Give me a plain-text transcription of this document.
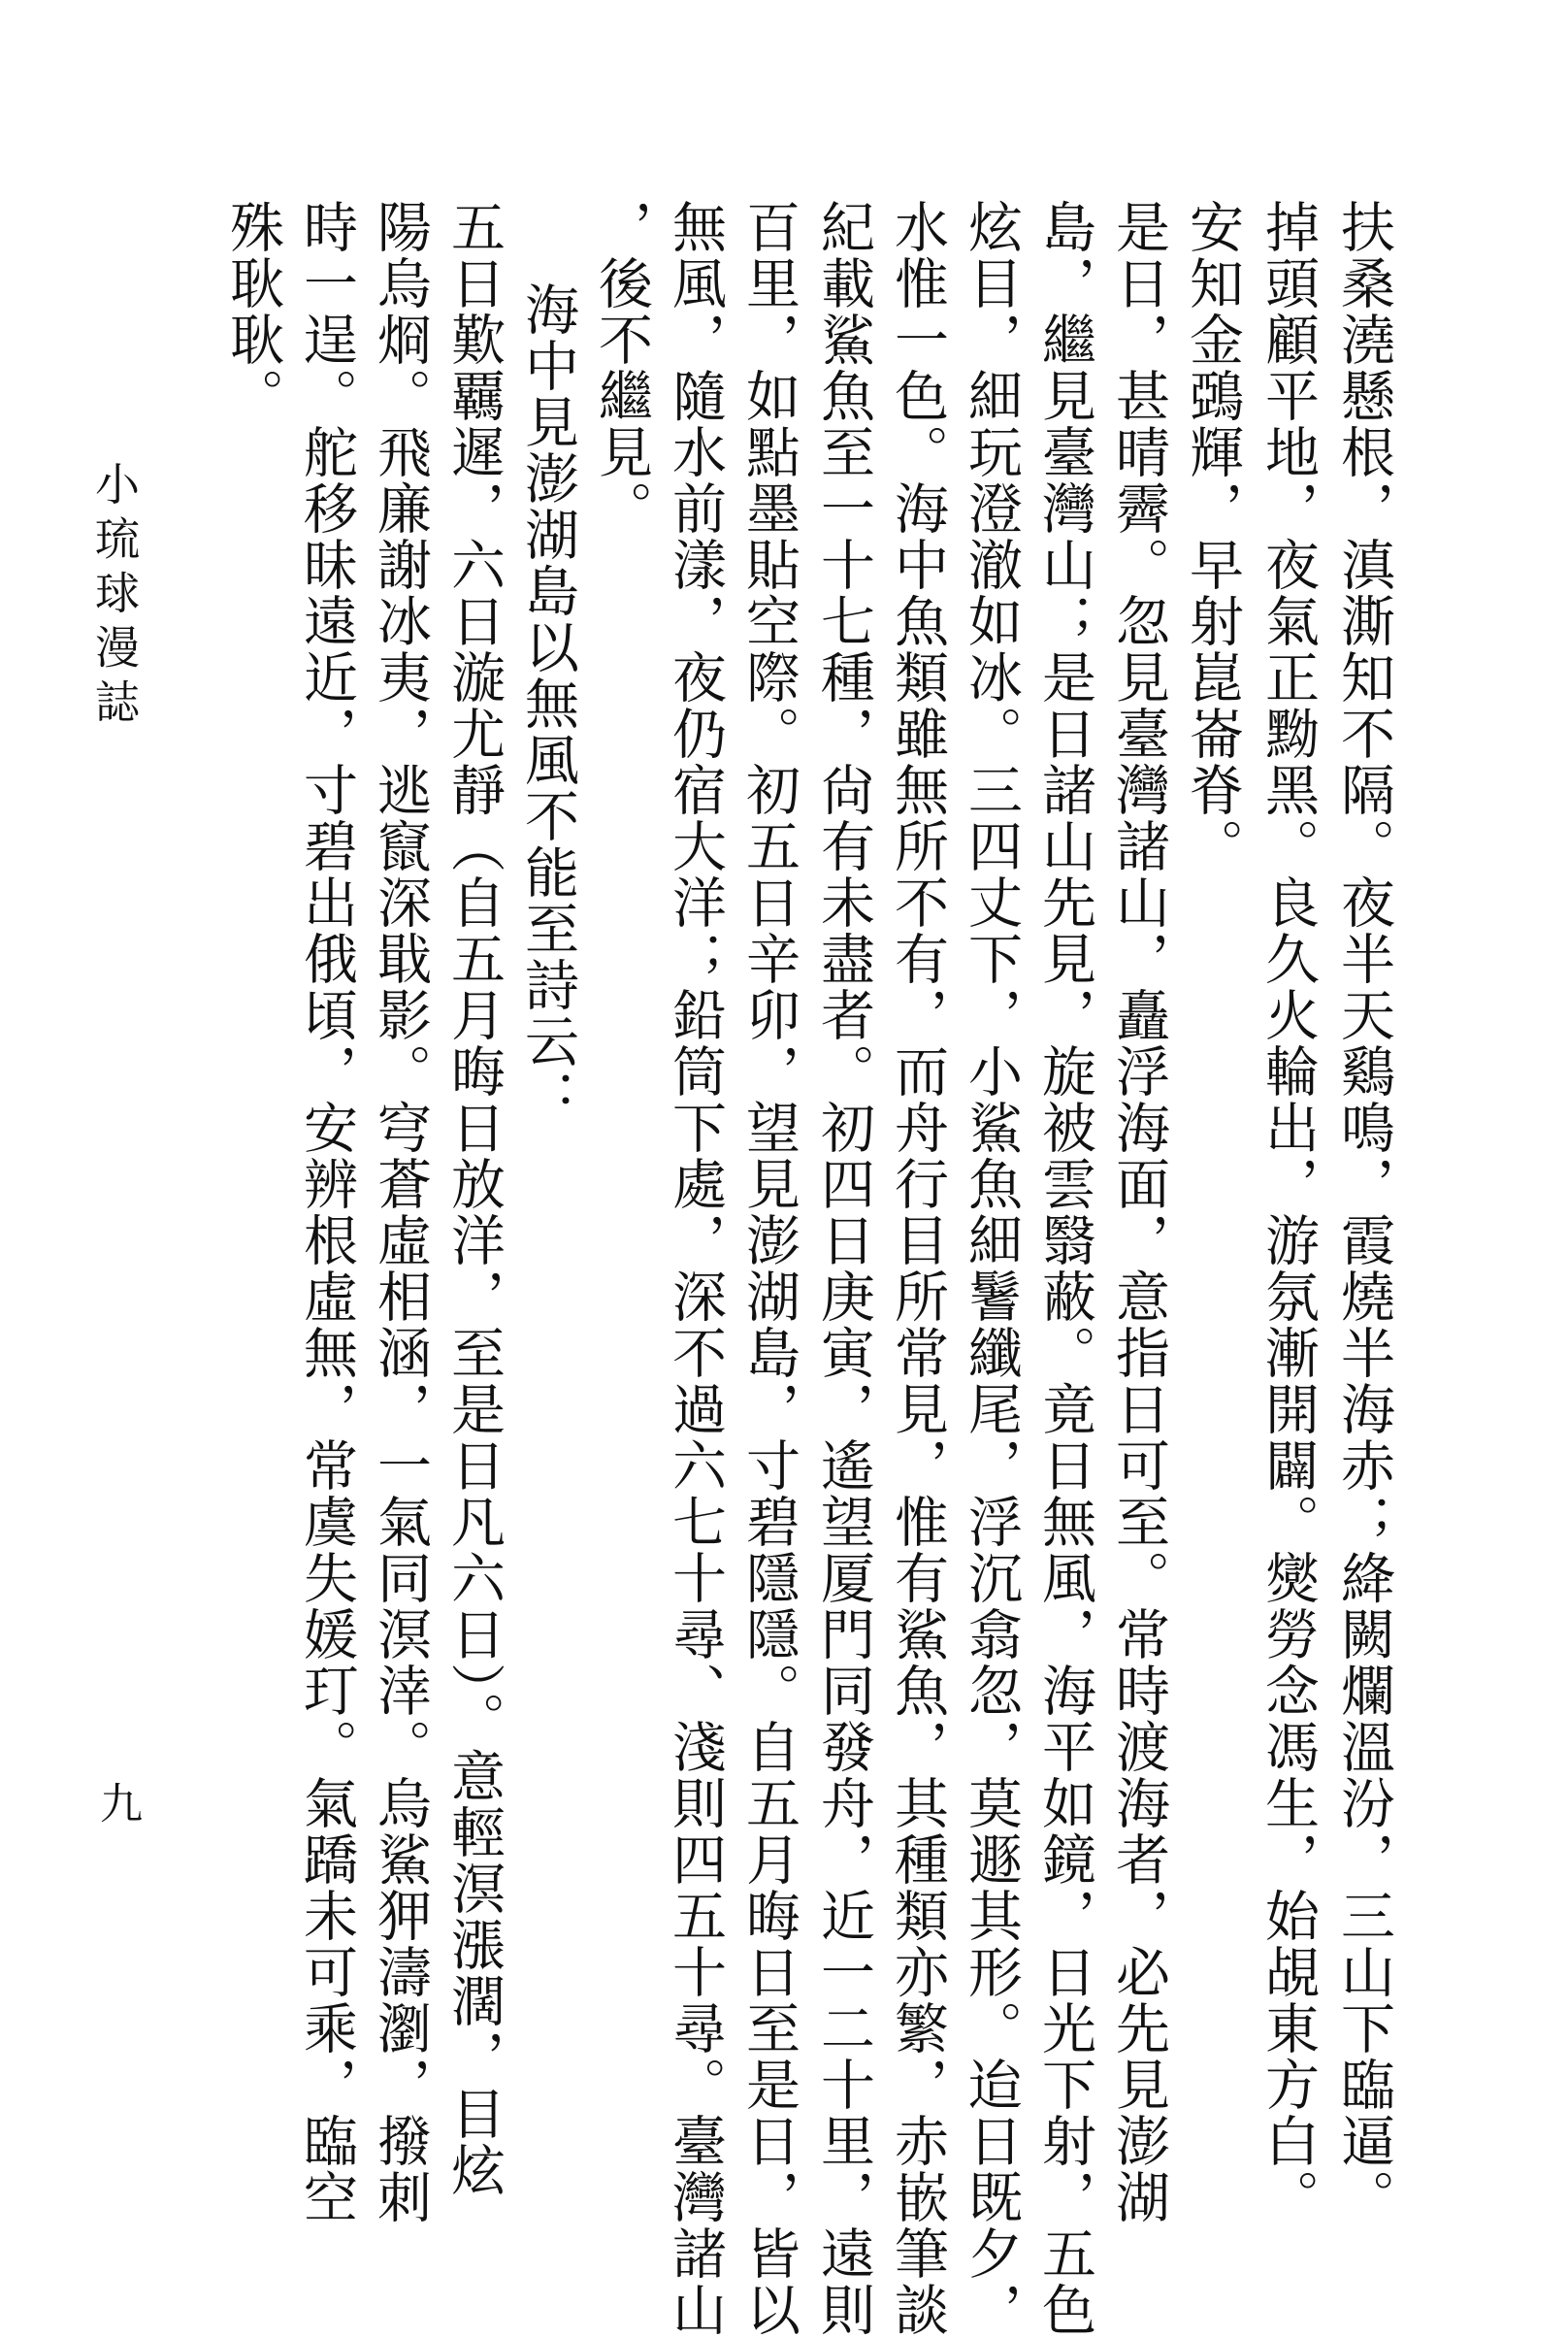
扶桑澆懸根，滇澌知不隔。夜半天鷄鳴，霞燒半海赤；絳闕爛溫汾，三山下臨逼。
掉頭顧平地，夜氣正黝黑。良久火輪出，游氛漸開闢。爕勞念馮生，始覘東方白。
安知金鵶輝，早射崑崙脊。
是日，甚晴霽。忽見臺灣諸山，矗浮海面，意指日可至。常時渡海者，必先見澎湖
島，繼見臺灣山；是日諸山先見，旋被雲翳蔽。竟日無風，海平如鏡，日光下射，五色
炫目，細玩澄澈如冰。三四丈下，小鯊魚細鬐纖尾，浮沉翕忽，莫遯其形。迨日既夕，
水惟一色。海中魚類雖無所不有，而舟行目所常見，惟有鯊魚，其種類亦繁，赤嵌筆談
紀載鯊魚至一十七種，尙有未盡者。初四日庚寅，遙望厦門同發舟，近一二十里，遠則
百里，如點墨貼空際。初五日辛卯，望見澎湖島，寸碧隱隱。自五月晦日至是日，皆以
無風，隨水前漾，夜仍宿大洋；鉛筒下處，深不過六七十尋、淺則四五十尋。臺灣諸山
，後不繼見。
海中見澎湖島以無風不能至詩云：
五日歎覊遲，六日漩尤靜（自五月晦日放洋，至是日凡六日）。意輕溟漲濶，目炫
陽烏烱。飛廉謝冰夷，逃竄深戢影。穹蒼虛相涵，一氣同溟涬。烏鯊狎濤瀏，撥刺
時一逞。舵移昧遠近，寸碧出俄頃，安辨根虛無，常虞失媛玎。氣蹻未可乘，臨空
殊耿耿。
小琉球漫誌
九
